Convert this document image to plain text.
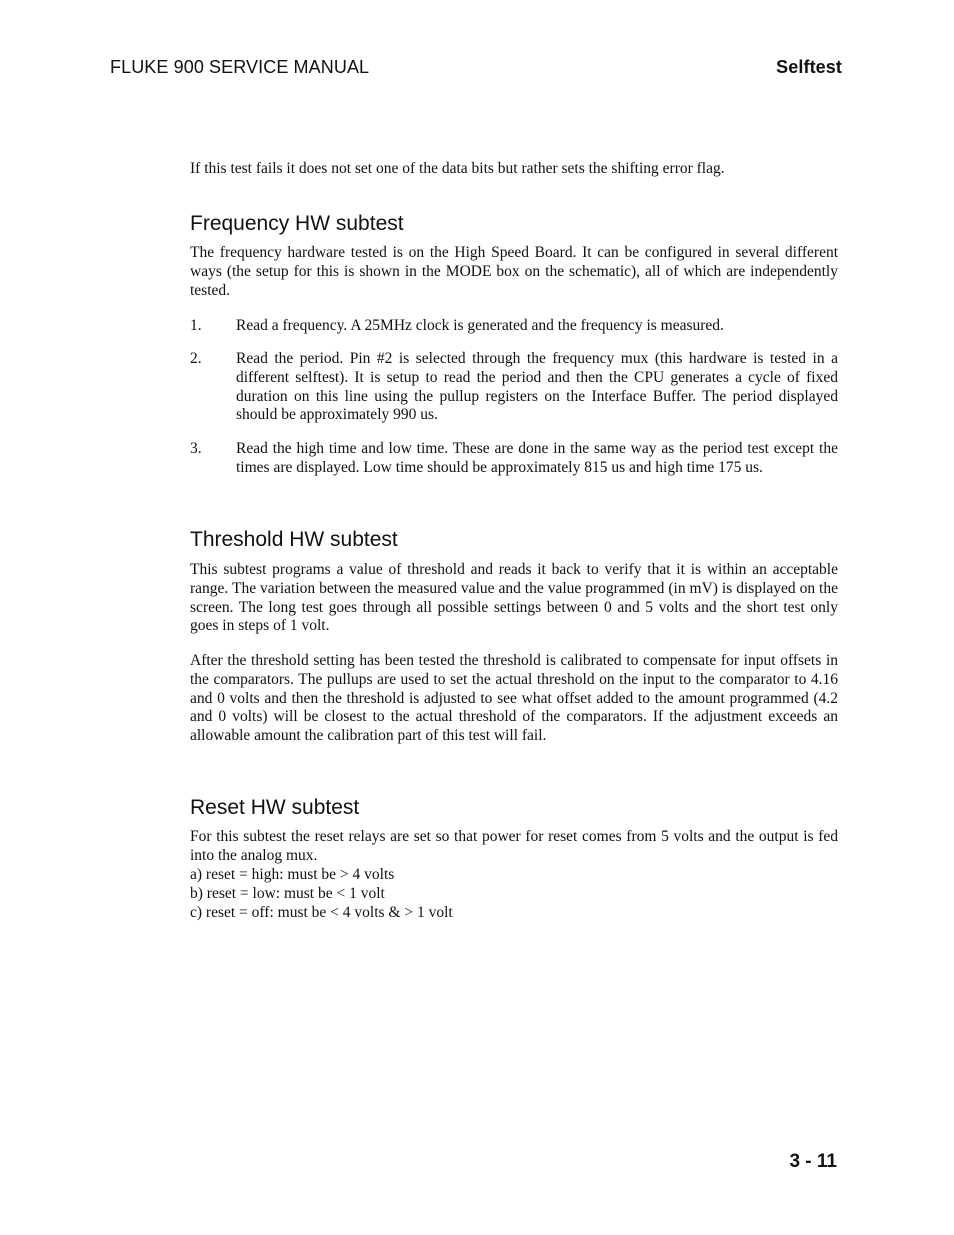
FLUKE 900 SERVICE MANUAL	Selftest

If this test fails it does not set one of the data bits but rather sets the shifting error flag.

Frequency HW subtest

The frequency hardware tested is on the High Speed Board. It can be configured in several different ways (the setup for this is shown in the MODE box on the schematic), all of which are independently tested.

1. Read a frequency. A 25MHz clock is generated and the frequency is measured.
2. Read the period. Pin #2 is selected through the frequency mux (this hardware is tested in a different selftest). It is setup to read the period and then the CPU generates a cycle of fixed duration on this line using the pullup registers on the Interface Buffer. The period displayed should be approximately 990 us.
3. Read the high time and low time. These are done in the same way as the period test except the times are displayed. Low time should be approximately 815 us and high time 175 us.
Threshold HW subtest

This subtest programs a value of threshold and reads it back to verify that it is within an acceptable range. The variation between the measured value and the value programmed (in mV) is displayed on the screen. The long test goes through all possible settings between 0 and 5 volts and the short test only goes in steps of 1 volt.

After the threshold setting has been tested the threshold is calibrated to compensate for input offsets in the comparators. The pullups are used to set the actual threshold on the input to the comparator to 4.16 and 0 volts and then the threshold is adjusted to see what offset added to the amount programmed (4.2 and 0 volts) will be closest to the actual threshold of the comparators. If the adjustment exceeds an allowable amount the calibration part of this test will fail.

Reset HW subtest

For this subtest the reset relays are set so that power for reset comes from 5 volts and the output is fed into the analog mux.

a) reset = high: must be > 4 volts
b) reset = low: must be < 1 volt
c) reset = off: must be < 4 volts & > 1 volt
3 - 11
